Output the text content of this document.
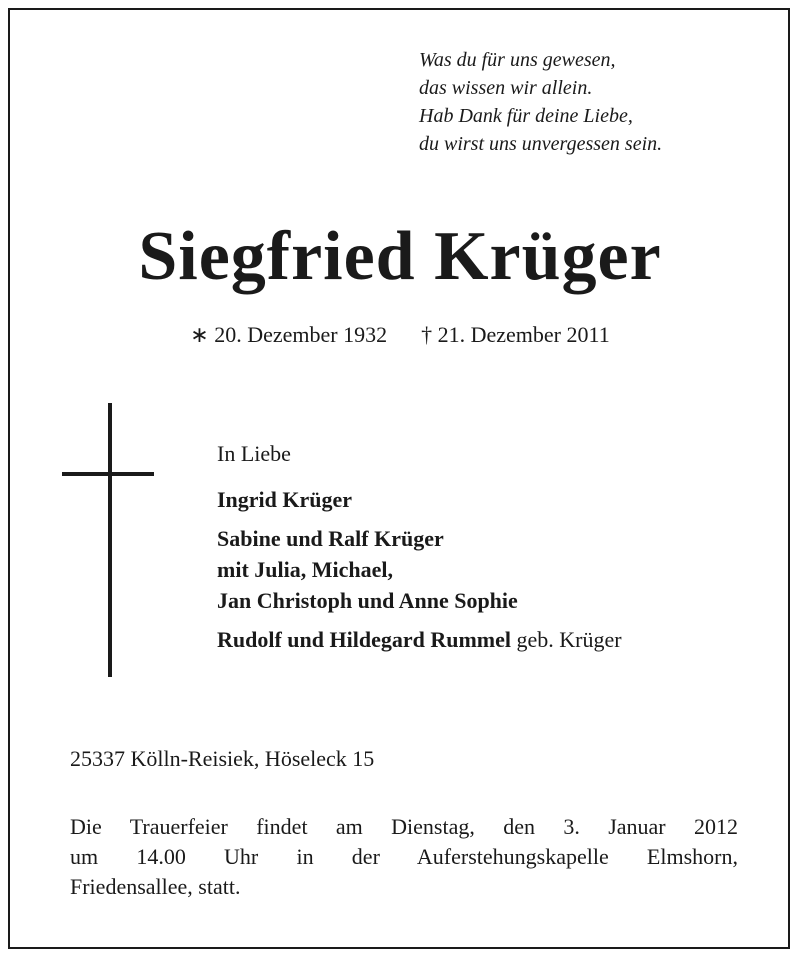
Was du für uns gewesen,
das wissen wir allein.
Hab Dank für deine Liebe,
du wirst uns unvergessen sein.
Siegfried Krüger
∗ 20. Dezember 1932 † 21. Dezember 2011
In Liebe
Ingrid Krüger
Sabine und Ralf Krüger
mit Julia, Michael,
Jan Christoph und Anne Sophie
Rudolf und Hildegard Rummel geb. Krüger
25337 Kölln-Reisiek, Höseleck 15
Die Trauerfeier findet am Dienstag, den 3. Januar 2012
um 14.00 Uhr in der Auferstehungskapelle Elmshorn,
Friedensallee, statt.
